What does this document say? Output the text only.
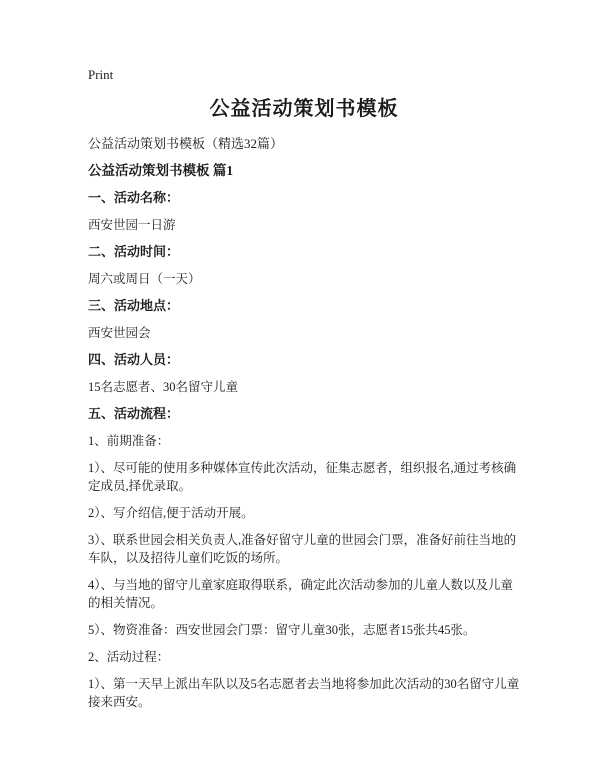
Print
公益活动策划书模板

公益活动策划书模板（精选32篇）

公益活动策划书模板 篇1

一、活动名称：

西安世园一日游

二、活动时间：

周六或周日（一天）

三、活动地点：

西安世园会

四、活动人员：

15名志愿者、30名留守儿童

五、活动流程：

1、前期准备：

1）、尽可能的使用多种媒体宣传此次活动，征集志愿者，组织报名,通过考核确定成员,择优录取。

2）、写介绍信,便于活动开展。

3）、联系世园会相关负责人,准备好留守儿童的世园会门票，准备好前往当地的车队，以及招待儿童们吃饭的场所。

4）、与当地的留守儿童家庭取得联系，确定此次活动参加的儿童人数以及儿童的相关情况。

5）、物资准备：西安世园会门票：留守儿童30张，志愿者15张共45张。

2、活动过程：

1）、第一天早上派出车队以及5名志愿者去当地将参加此次活动的30名留守儿童接来西安。
